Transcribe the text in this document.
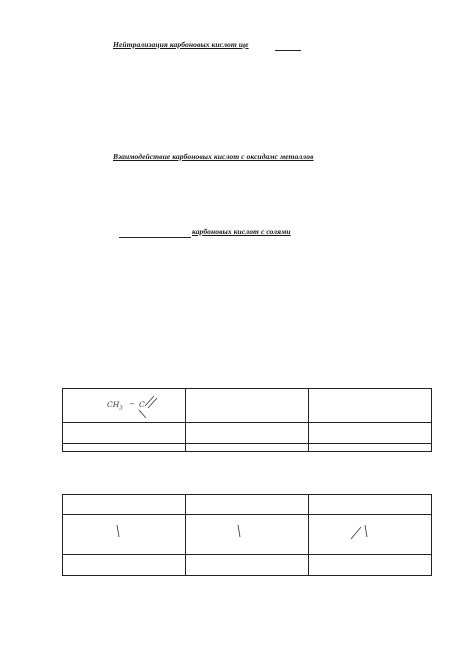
Нейтрализация карбоновых кислот ще
Взаимодействие карбоновых кислот с оксидамс металлов
карбоновых кислот с солями
$CH_3$
− C		
